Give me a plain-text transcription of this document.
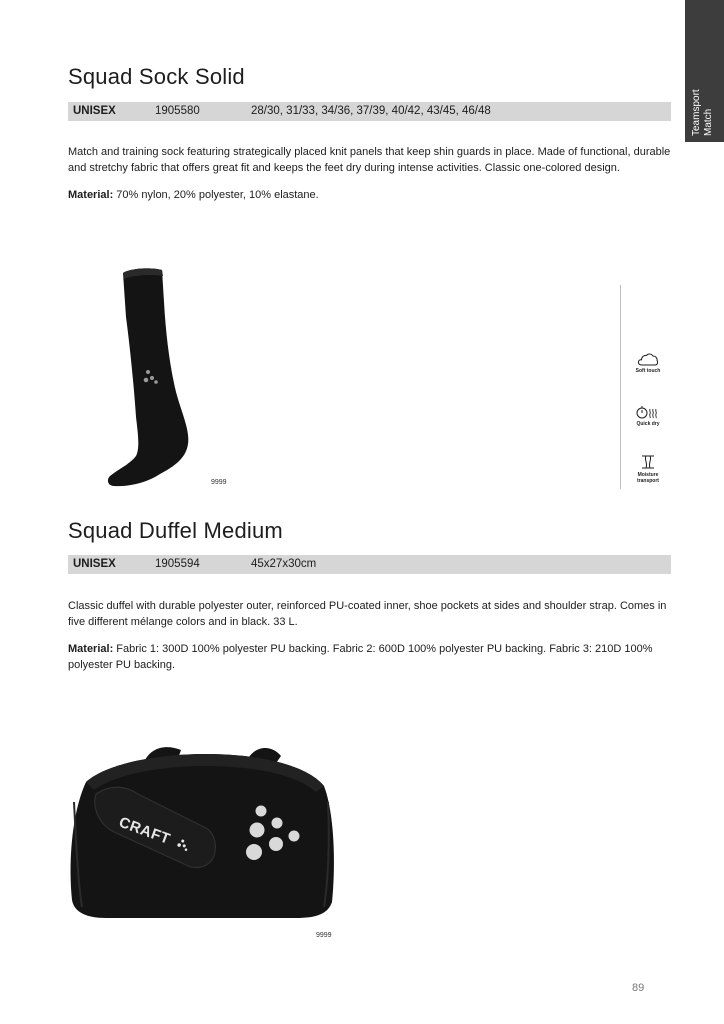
Teamsport Match
Squad Sock Solid
UNISEX	1905580	28/30, 31/33, 34/36, 37/39, 40/42, 43/45, 46/48

Match and training sock featuring strategically placed knit panels that keep shin guards in place. Made of functional, durable and stretchy fabric that offers great fit and keeps the feet dry during intense activities. Classic one-colored design.

Material: 70% nylon, 20% polyester, 10% elastane.

9999
Soft touch
Quick dry
Moisture
transport
Squad Duffel Medium
UNISEX	1905594	45x27x30cm

Classic duffel with durable polyester outer, reinforced PU-coated inner, shoe pockets at sides and shoulder strap. Comes in five different mélange colors and in black. 33 L.

Material: Fabric 1: 300D 100% polyester PU backing. Fabric 2: 600D 100% polyester PU backing. Fabric 3: 210D 100% polyester PU backing.

CRAFT
9999
89
